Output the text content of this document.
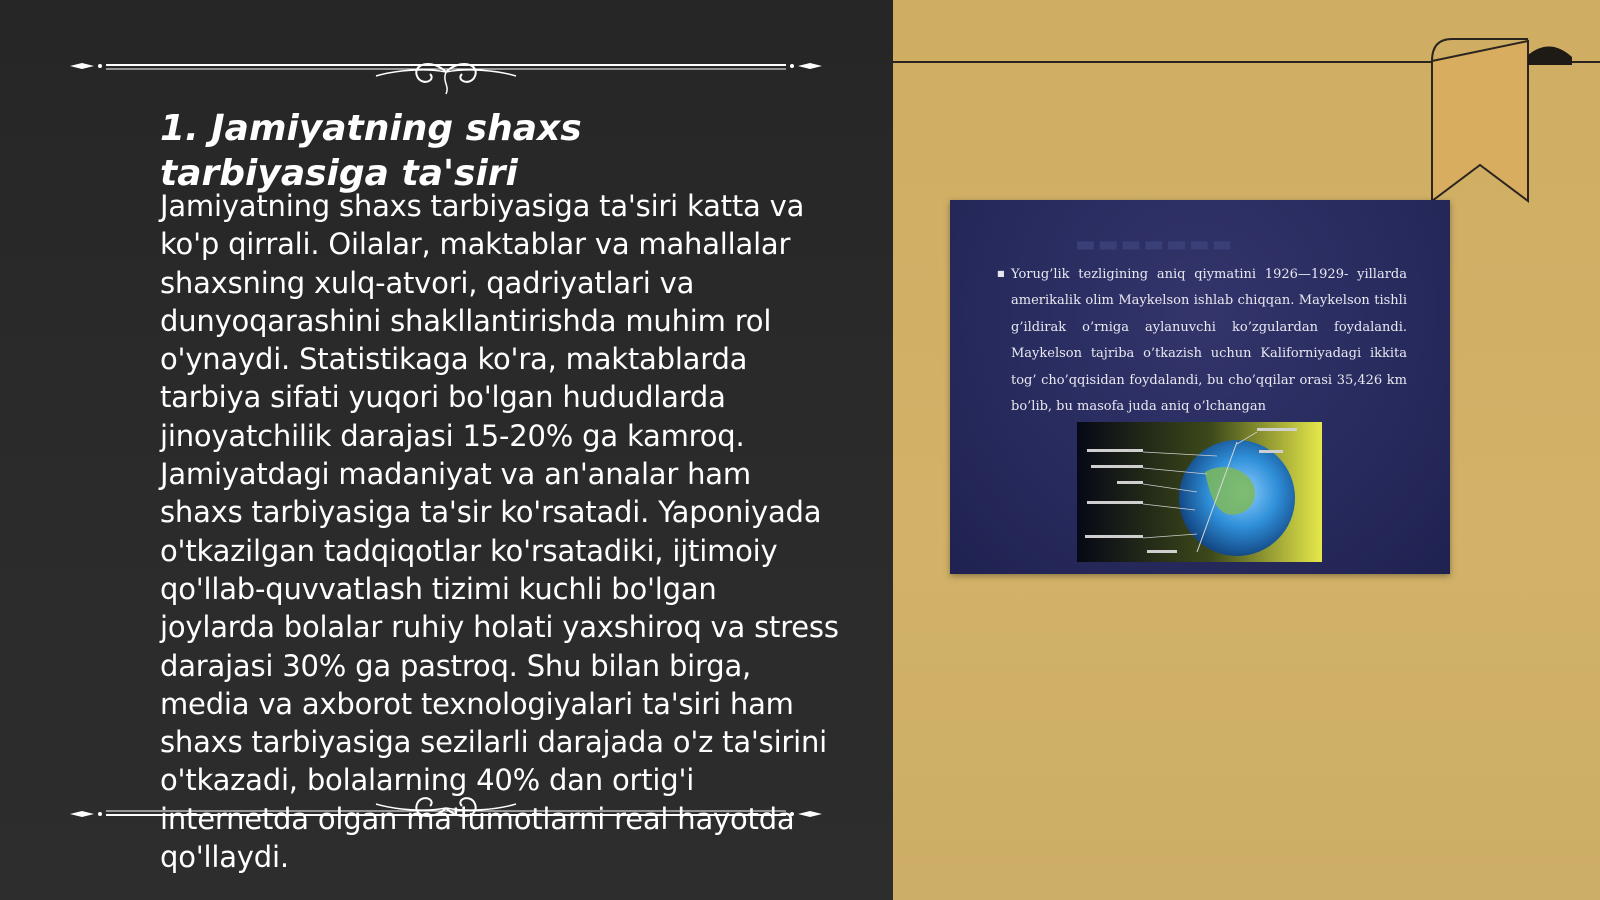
1. Jamiyatning shaxs tarbiyasiga ta'siri

Jamiyatning shaxs tarbiyasiga ta'siri katta va ko'p qirrali. Oilalar, maktablar va mahallalar shaxsning xulq-atvori, qadriyatlari va dunyoqarashini shakllantirishda muhim rol o'ynaydi. Statistikaga ko'ra, maktablarda tarbiya sifati yuqori bo'lgan hududlarda jinoyatchilik darajasi 15-20% ga kamroq. Jamiyatdagi madaniyat va an'analar ham shaxs tarbiyasiga ta'sir ko'rsatadi. Yaponiyada o'tkazilgan tadqiqotlar ko'rsatadiki, ijtimoiy qo'llab-quvvatlash tizimi kuchli bo'lgan joylarda bolalar ruhiy holati yaxshiroq va stress darajasi 30% ga pastroq. Shu bilan birga, media va axborot texnologiyalari ta'siri ham shaxs tarbiyasiga sezilarli darajada o'z ta'sirini o'tkazadi, bolalarning 40% dan ortig'i internetda olgan ma'lumotlarni real hayotda qo'llaydi.

▬▬▬▬▬▬▬
■ Yorug’lik tezligining aniq qiymatini 1926—1929- yillarda amerikalik olim Maykelson ishlab chiqqan. Maykelson tishli g’ildirak o’rniga aylanuvchi ko’zgulardan foydalandi. Maykelson tajriba o’tkazish uchun Kaliforniyadagi ikkita tog’ cho’qqisidan foydalandi, bu cho’qqilar orasi 35,426 km bo’lib, bu masofa juda aniq o’lchangan
